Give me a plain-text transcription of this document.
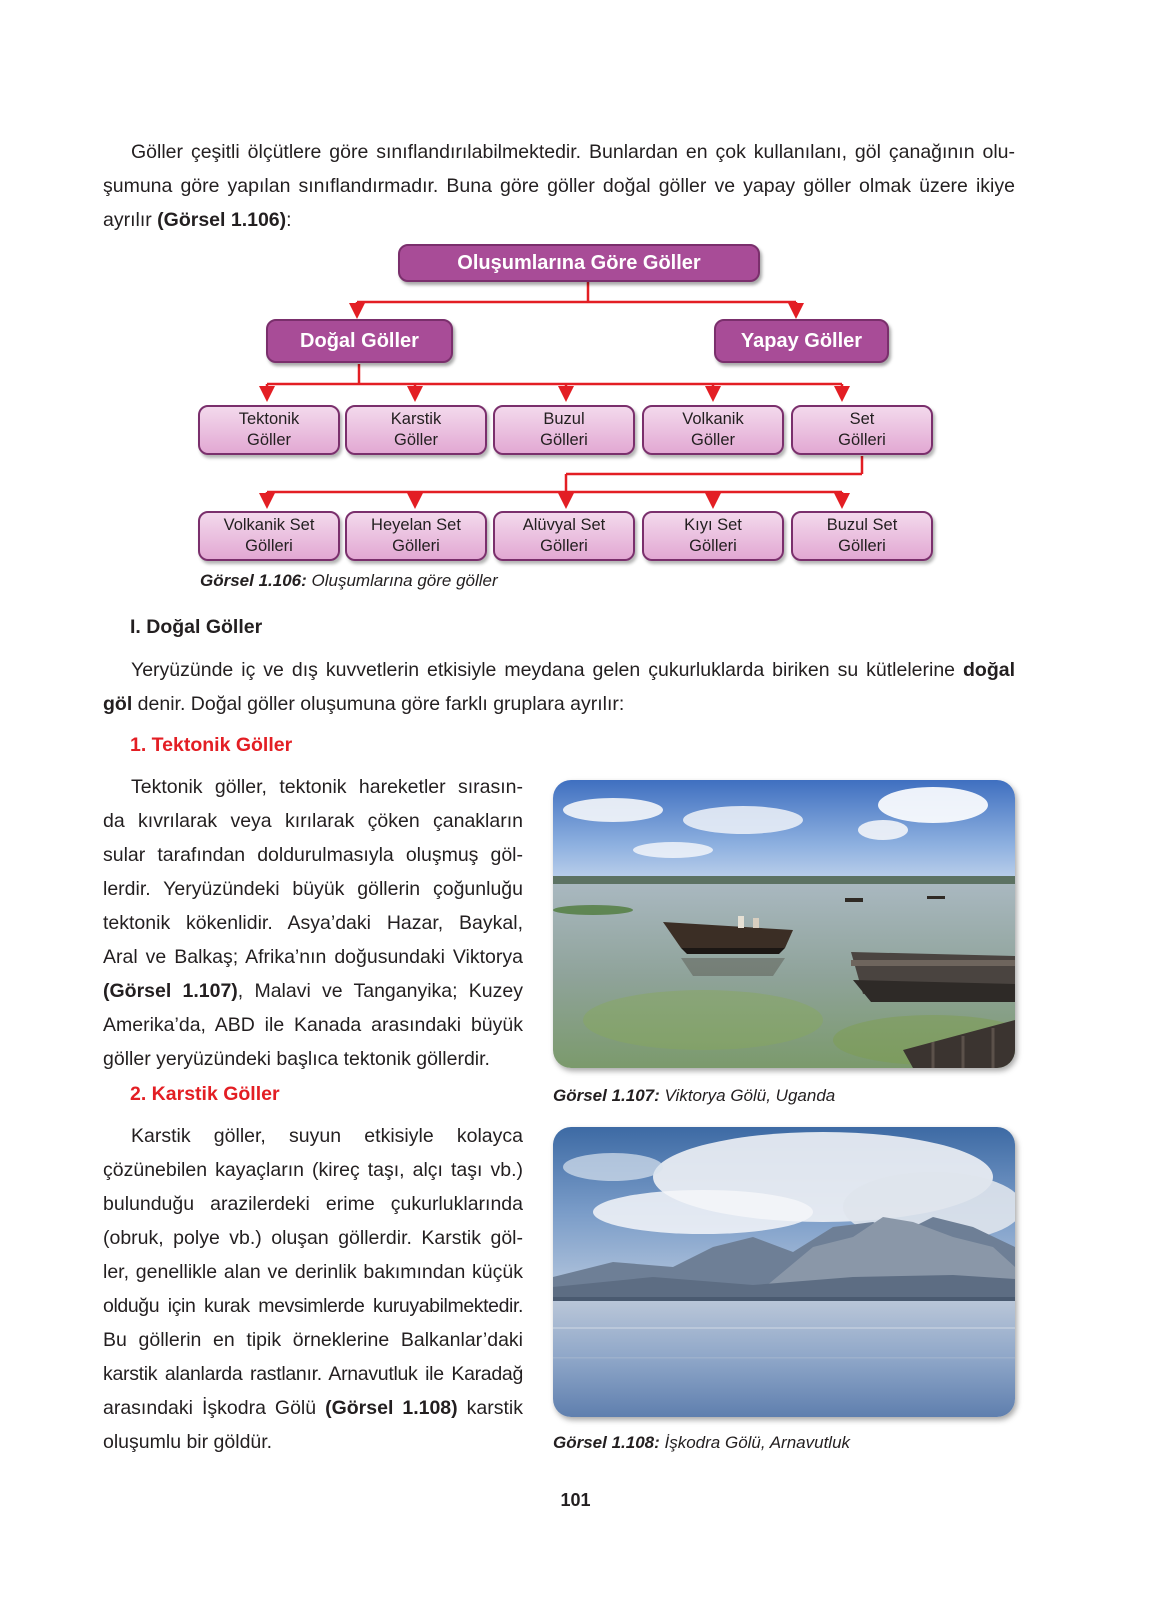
Göller çeşitli ölçütlere göre sınıflandırılabilmektedir. Bunlardan en çok kullanılanı, göl çanağının olu-
şumuna göre yapılan sınıflandırmadır. Buna göre göller doğal göller ve yapay göller olmak üzere ikiye
ayrılır (Görsel 1.106):
Oluşumlarına Göre Göller
Doğal Göller	Yapay Göller
Tektonik
Göller
Karstik
Göller
Buzul
Gölleri
Volkanik
Göller
Set
Gölleri
Volkanik Set
Gölleri
Heyelan Set
Gölleri
Alüvyal Set
Gölleri
Kıyı Set
Gölleri
Buzul Set
Gölleri
Görsel 1.106: Oluşumlarına göre göller
I. Doğal Göller
Yeryüzünde iç ve dış kuvvetlerin etkisiyle meydana gelen çukurluklarda biriken su kütlelerine doğal
göl denir. Doğal göller oluşumuna göre farklı gruplara ayrılır:
1. Tektonik Göller
Tektonik göller, tektonik hareketler sırasın-
da kıvrılarak veya kırılarak çöken çanakların
sular tarafından doldurulmasıyla oluşmuş göl-
lerdir. Yeryüzündeki büyük göllerin çoğunluğu
tektonik kökenlidir. Asya’daki Hazar, Baykal,
Aral ve Balkaş; Afrika’nın doğusundaki Viktorya
(Görsel 1.107), Malavi ve Tanganyika; Kuzey
Amerika’da, ABD ile Kanada arasındaki büyük
göller yeryüzündeki başlıca tektonik göllerdir.
2. Karstik Göller
Karstik göller, suyun etkisiyle kolayca
çözünebilen kayaçların (kireç taşı, alçı taşı vb.)
bulunduğu arazilerdeki erime çukurluklarında
(obruk, polye vb.) oluşan göllerdir. Karstik göl-
ler, genellikle alan ve derinlik bakımından küçük
olduğu için kurak mevsimlerde kuruyabilmektedir.
Bu göllerin en tipik örneklerine Balkanlar’daki
karstik alanlarda rastlanır. Arnavutluk ile Karadağ
arasındaki İşkodra Gölü (Görsel 1.108) karstik
oluşumlu bir göldür.
Görsel 1.107: Viktorya Gölü, Uganda
Görsel 1.108: İşkodra Gölü, Arnavutluk
101
